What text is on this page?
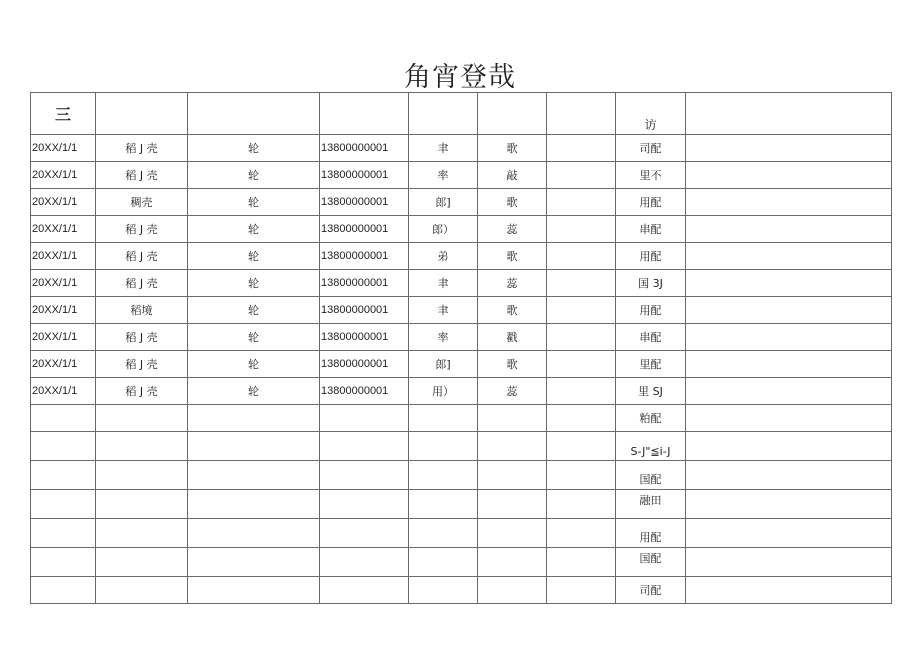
角宵登哉
三							访	
20XX/1/1	稻 J 壳	轮	13800000001	聿	歌		司配	
20XX/1/1	稻 J 壳	轮	13800000001	率	敲		里不	
20XX/1/1	稠壳	轮	13800000001	郎]	歌		用配	
20XX/1/1	稻 J 壳	轮	13800000001	郎）	蕊		串配	
20XX/1/1	稻 J 壳	轮	13800000001	弟	歌		用配	
20XX/1/1	稻 J 壳	轮	13800000001	聿	蕊		国 3J	
20XX/1/1	稻境	轮	13800000001	聿	歌		用配	
20XX/1/1	稻 J 壳	轮	13800000001	率	戳		串配	
20XX/1/1	稻 J 壳	轮	13800000001	郎]	歌		里配	
20XX/1/1	稻 J 壳	轮	13800000001	用）	蕊		里 SJ	
							粕配	
							S-J"≦i-J	
							国配	
							融田	
							用配	
							国配	
							司配	
